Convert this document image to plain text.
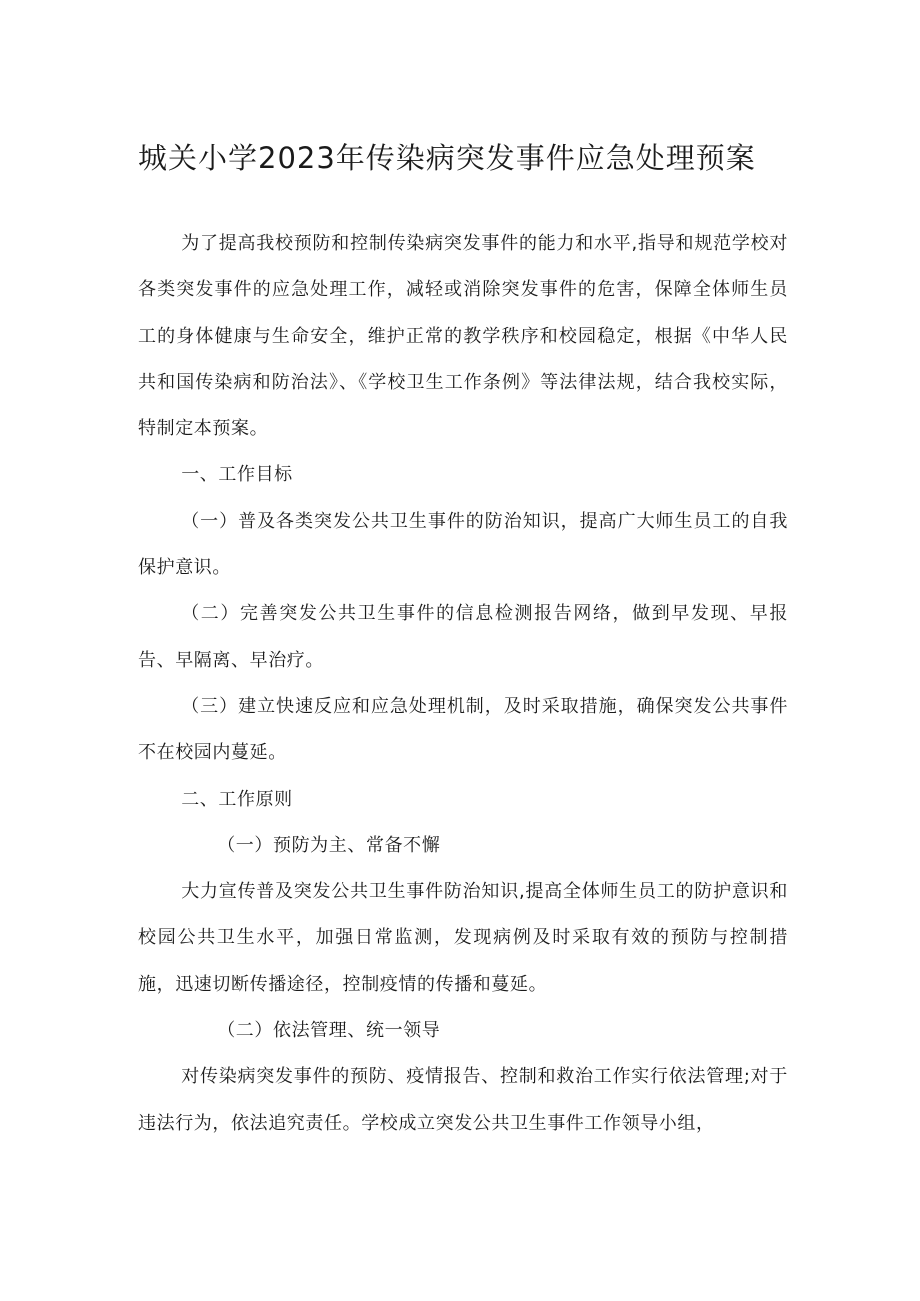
城关小学2023年传染病突发事件应急处理预案

为了提高我校预防和控制传染病突发事件的能力和水平,指导和规范学校对各类突发事件的应急处理工作，减轻或消除突发事件的危害，保障全体师生员工的身体健康与生命安全，维护正常的教学秩序和校园稳定，根据《中华人民共和国传染病和防治法》、《学校卫生工作条例》等法律法规，结合我校实际，特制定本预案。

一、工作目标

（一）普及各类突发公共卫生事件的防治知识，提高广大师生员工的自我保护意识。

（二）完善突发公共卫生事件的信息检测报告网络，做到早发现、早报告、早隔离、早治疗。

（三）建立快速反应和应急处理机制，及时采取措施，确保突发公共事件不在校园内蔓延。

二、工作原则

（一）预防为主、常备不懈

大力宣传普及突发公共卫生事件防治知识,提高全体师生员工的防护意识和校园公共卫生水平，加强日常监测，发现病例及时采取有效的预防与控制措施，迅速切断传播途径，控制疫情的传播和蔓延。

（二）依法管理、统一领导

对传染病突发事件的预防、疫情报告、控制和救治工作实行依法管理;对于违法行为，依法追究责任。学校成立突发公共卫生事件工作领导小组，
